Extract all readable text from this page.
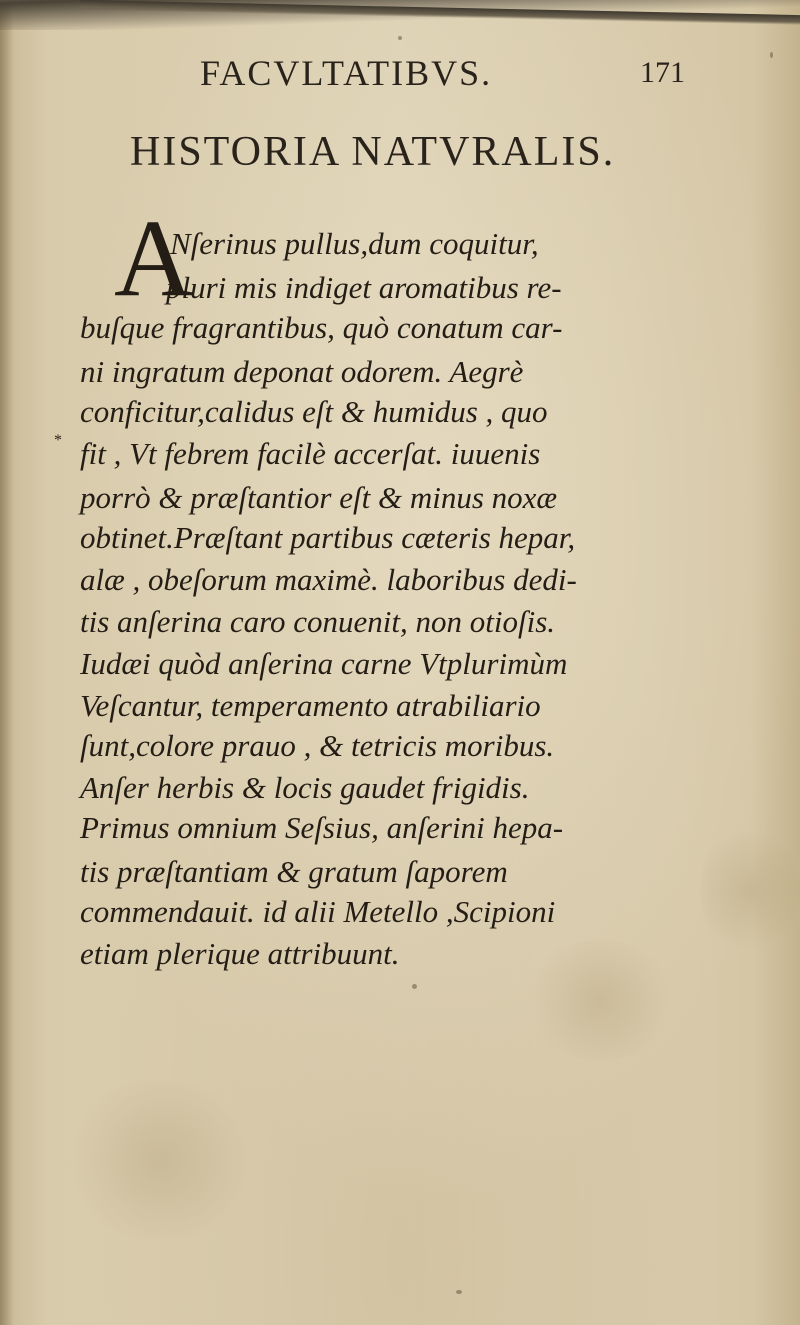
FACVLTATIBVS.	171
HISTORIA NATVRALIS.
*
A
Nſerinus pullus,dum coquitur,
pluri mis indiget aromatibus re-
buſque fragrantibus, quò conatum car-
ni ingratum deponat odorem. Aegrè
conficitur,calidus eſt & humidus , quo
fit , Vt febrem facilè accerſat. iuuenis
porrò & præſtantior eſt & minus noxæ
obtinet.Præſtant partibus cæteris hepar,
alæ , obeſorum maximè. laboribus dedi-
tis anſerina caro conuenit, non otioſis.
Iudæi quòd anſerina carne Vtplurimùm
Veſcantur, temperamento atrabiliario
ſunt,colore prauo , & tetricis moribus.
Anſer herbis & locis gaudet frigidis.
Primus omnium Seſsius, anſerini hepa-
tis præſtantiam & gratum ſaporem
commendauit. id alii Metello ,Scipioni
etiam plerique attribuunt.
